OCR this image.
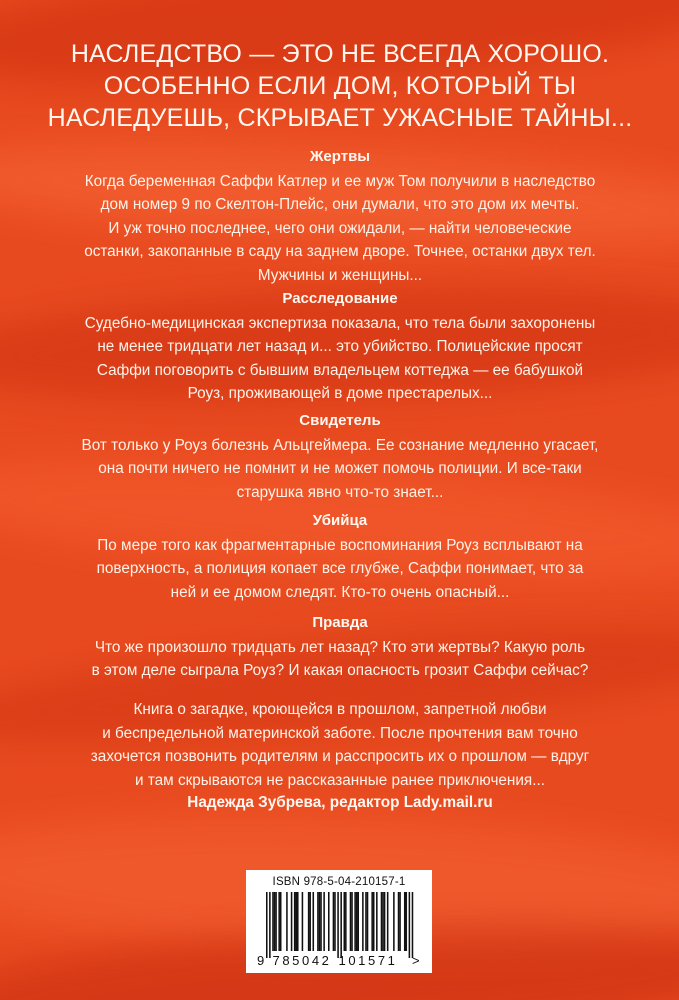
НАСЛЕДСТВО — ЭТО НЕ ВСЕГДА ХОРОШО.
ОСОБЕННО ЕСЛИ ДОМ, КОТОРЫЙ ТЫ
НАСЛЕДУЕШЬ, СКРЫВАЕТ УЖАСНЫЕ ТАЙНЫ...
Жертвы

Когда беременная Саффи Катлер и ее муж Том получили в наследство
дом номер 9 по Скелтон-Плейс, они думали, что это дом их мечты.
И уж точно последнее, чего они ожидали, — найти человеческие
останки, закопанные в саду на заднем дворе. Точнее, останки двух тел.
Мужчины и женщины...

Расследование

Судебно-медицинская экспертиза показала, что тела были захоронены
не менее тридцати лет назад и... это убийство. Полицейские просят
Саффи поговорить с бывшим владельцем коттеджа — ее бабушкой
Роуз, проживающей в доме престарелых...

Свидетель

Вот только у Роуз болезнь Альцгеймера. Ее сознание медленно угасает,
она почти ничего не помнит и не может помочь полиции. И все-таки
старушка явно что-то знает...

Убийца

По мере того как фрагментарные воспоминания Роуз всплывают на
поверхность, а полиция копает все глубже, Саффи понимает, что за
ней и ее домом следят. Кто-то очень опасный...

Правда

Что же произошло тридцать лет назад? Кто эти жертвы? Какую роль
в этом деле сыграла Роуз? И какая опасность грозит Саффи сейчас?

Книга о загадке, кроющейся в прошлом, запретной любви
и беспредельной материнской заботе. После прочтения вам точно
захочется позвонить родителям и расспросить их о прошлом — вдруг
и там скрываются не рассказанные ранее приключения...

Надежда Зубрева, редактор Lady.mail.ru
ISBN 978-5-04-210157-1
9 785042 101571 >
